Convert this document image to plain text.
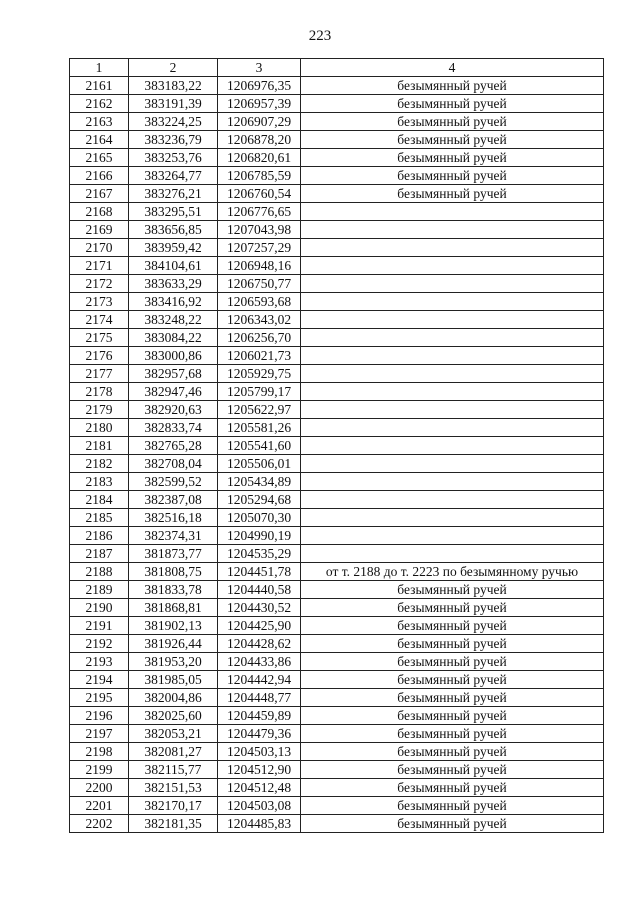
223
1	2	3	4
2161	383183,22	1206976,35	безымянный ручей
2162	383191,39	1206957,39	безымянный ручей
2163	383224,25	1206907,29	безымянный ручей
2164	383236,79	1206878,20	безымянный ручей
2165	383253,76	1206820,61	безымянный ручей
2166	383264,77	1206785,59	безымянный ручей
2167	383276,21	1206760,54	безымянный ручей
2168	383295,51	1206776,65	
2169	383656,85	1207043,98	
2170	383959,42	1207257,29	
2171	384104,61	1206948,16	
2172	383633,29	1206750,77	
2173	383416,92	1206593,68	
2174	383248,22	1206343,02	
2175	383084,22	1206256,70	
2176	383000,86	1206021,73	
2177	382957,68	1205929,75	
2178	382947,46	1205799,17	
2179	382920,63	1205622,97	
2180	382833,74	1205581,26	
2181	382765,28	1205541,60	
2182	382708,04	1205506,01	
2183	382599,52	1205434,89	
2184	382387,08	1205294,68	
2185	382516,18	1205070,30	
2186	382374,31	1204990,19	
2187	381873,77	1204535,29	
2188	381808,75	1204451,78	от т. 2188 до т. 2223 по безымянному ручью
2189	381833,78	1204440,58	безымянный ручей
2190	381868,81	1204430,52	безымянный ручей
2191	381902,13	1204425,90	безымянный ручей
2192	381926,44	1204428,62	безымянный ручей
2193	381953,20	1204433,86	безымянный ручей
2194	381985,05	1204442,94	безымянный ручей
2195	382004,86	1204448,77	безымянный ручей
2196	382025,60	1204459,89	безымянный ручей
2197	382053,21	1204479,36	безымянный ручей
2198	382081,27	1204503,13	безымянный ручей
2199	382115,77	1204512,90	безымянный ручей
2200	382151,53	1204512,48	безымянный ручей
2201	382170,17	1204503,08	безымянный ручей
2202	382181,35	1204485,83	безымянный ручей
